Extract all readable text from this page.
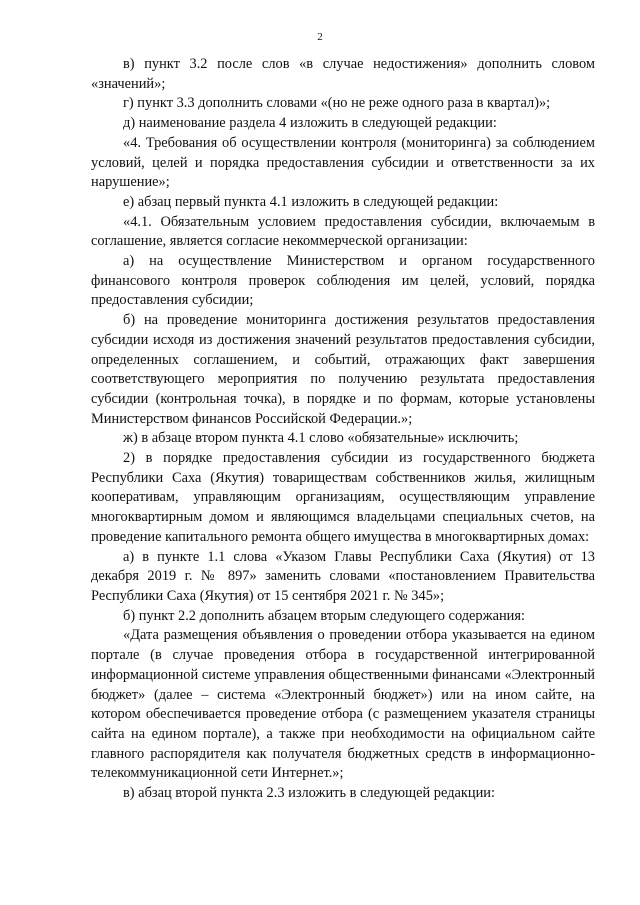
2

в) пункт 3.2 после слов «в случае недостижения» дополнить словом «значений»;

г) пункт 3.3 дополнить словами «(но не реже одного раза в квартал)»;

д) наименование раздела 4 изложить в следующей редакции:

«4. Требования об осуществлении контроля (мониторинга) за соблюдением условий, целей и порядка предоставления субсидии и ответственности за их нарушение»;

е) абзац первый пункта 4.1 изложить в следующей редакции:

«4.1. Обязательным условием предоставления субсидии, включаемым в соглашение, является согласие некоммерческой организации:

а) на осуществление Министерством и органом государственного финансового контроля проверок соблюдения им целей, условий, порядка предоставления субсидии;

б) на проведение мониторинга достижения результатов предоставления субсидии исходя из достижения значений результатов предоставления субсидии, определенных соглашением, и событий, отражающих факт завершения соответствующего мероприятия по получению результата предоставления субсидии (контрольная точка), в порядке и по формам, которые установлены Министерством финансов Российской Федерации.»;

ж) в абзаце втором пункта 4.1 слово «обязательные» исключить;

2) в порядке предоставления субсидии из государственного бюджета Республики Саха (Якутия) товариществам собственников жилья, жилищным кооперативам, управляющим организациям, осуществляющим управление многоквартирным домом и являющимся владельцами специальных счетов, на проведение капитального ремонта общего имущества в многоквартирных домах:

а) в пункте 1.1 слова «Указом Главы Республики Саха (Якутия) от 13 декабря 2019 г. № 897» заменить словами «постановлением Правительства Республики Саха (Якутия) от 15 сентября 2021 г. № 345»;

б) пункт 2.2 дополнить абзацем вторым следующего содержания:

«Дата размещения объявления о проведении отбора указывается на едином портале (в случае проведения отбора в государственной интегрированной информационной системе управления общественными финансами «Электронный бюджет» (далее – система «Электронный бюджет») или на ином сайте, на котором обеспечивается проведение отбора (с размещением указателя страницы сайта на едином портале), а также при необходимости на официальном сайте главного распорядителя как получателя бюджетных средств в информационно-телекоммуникационной сети Интернет.»;

в) абзац второй пункта 2.3 изложить в следующей редакции:
